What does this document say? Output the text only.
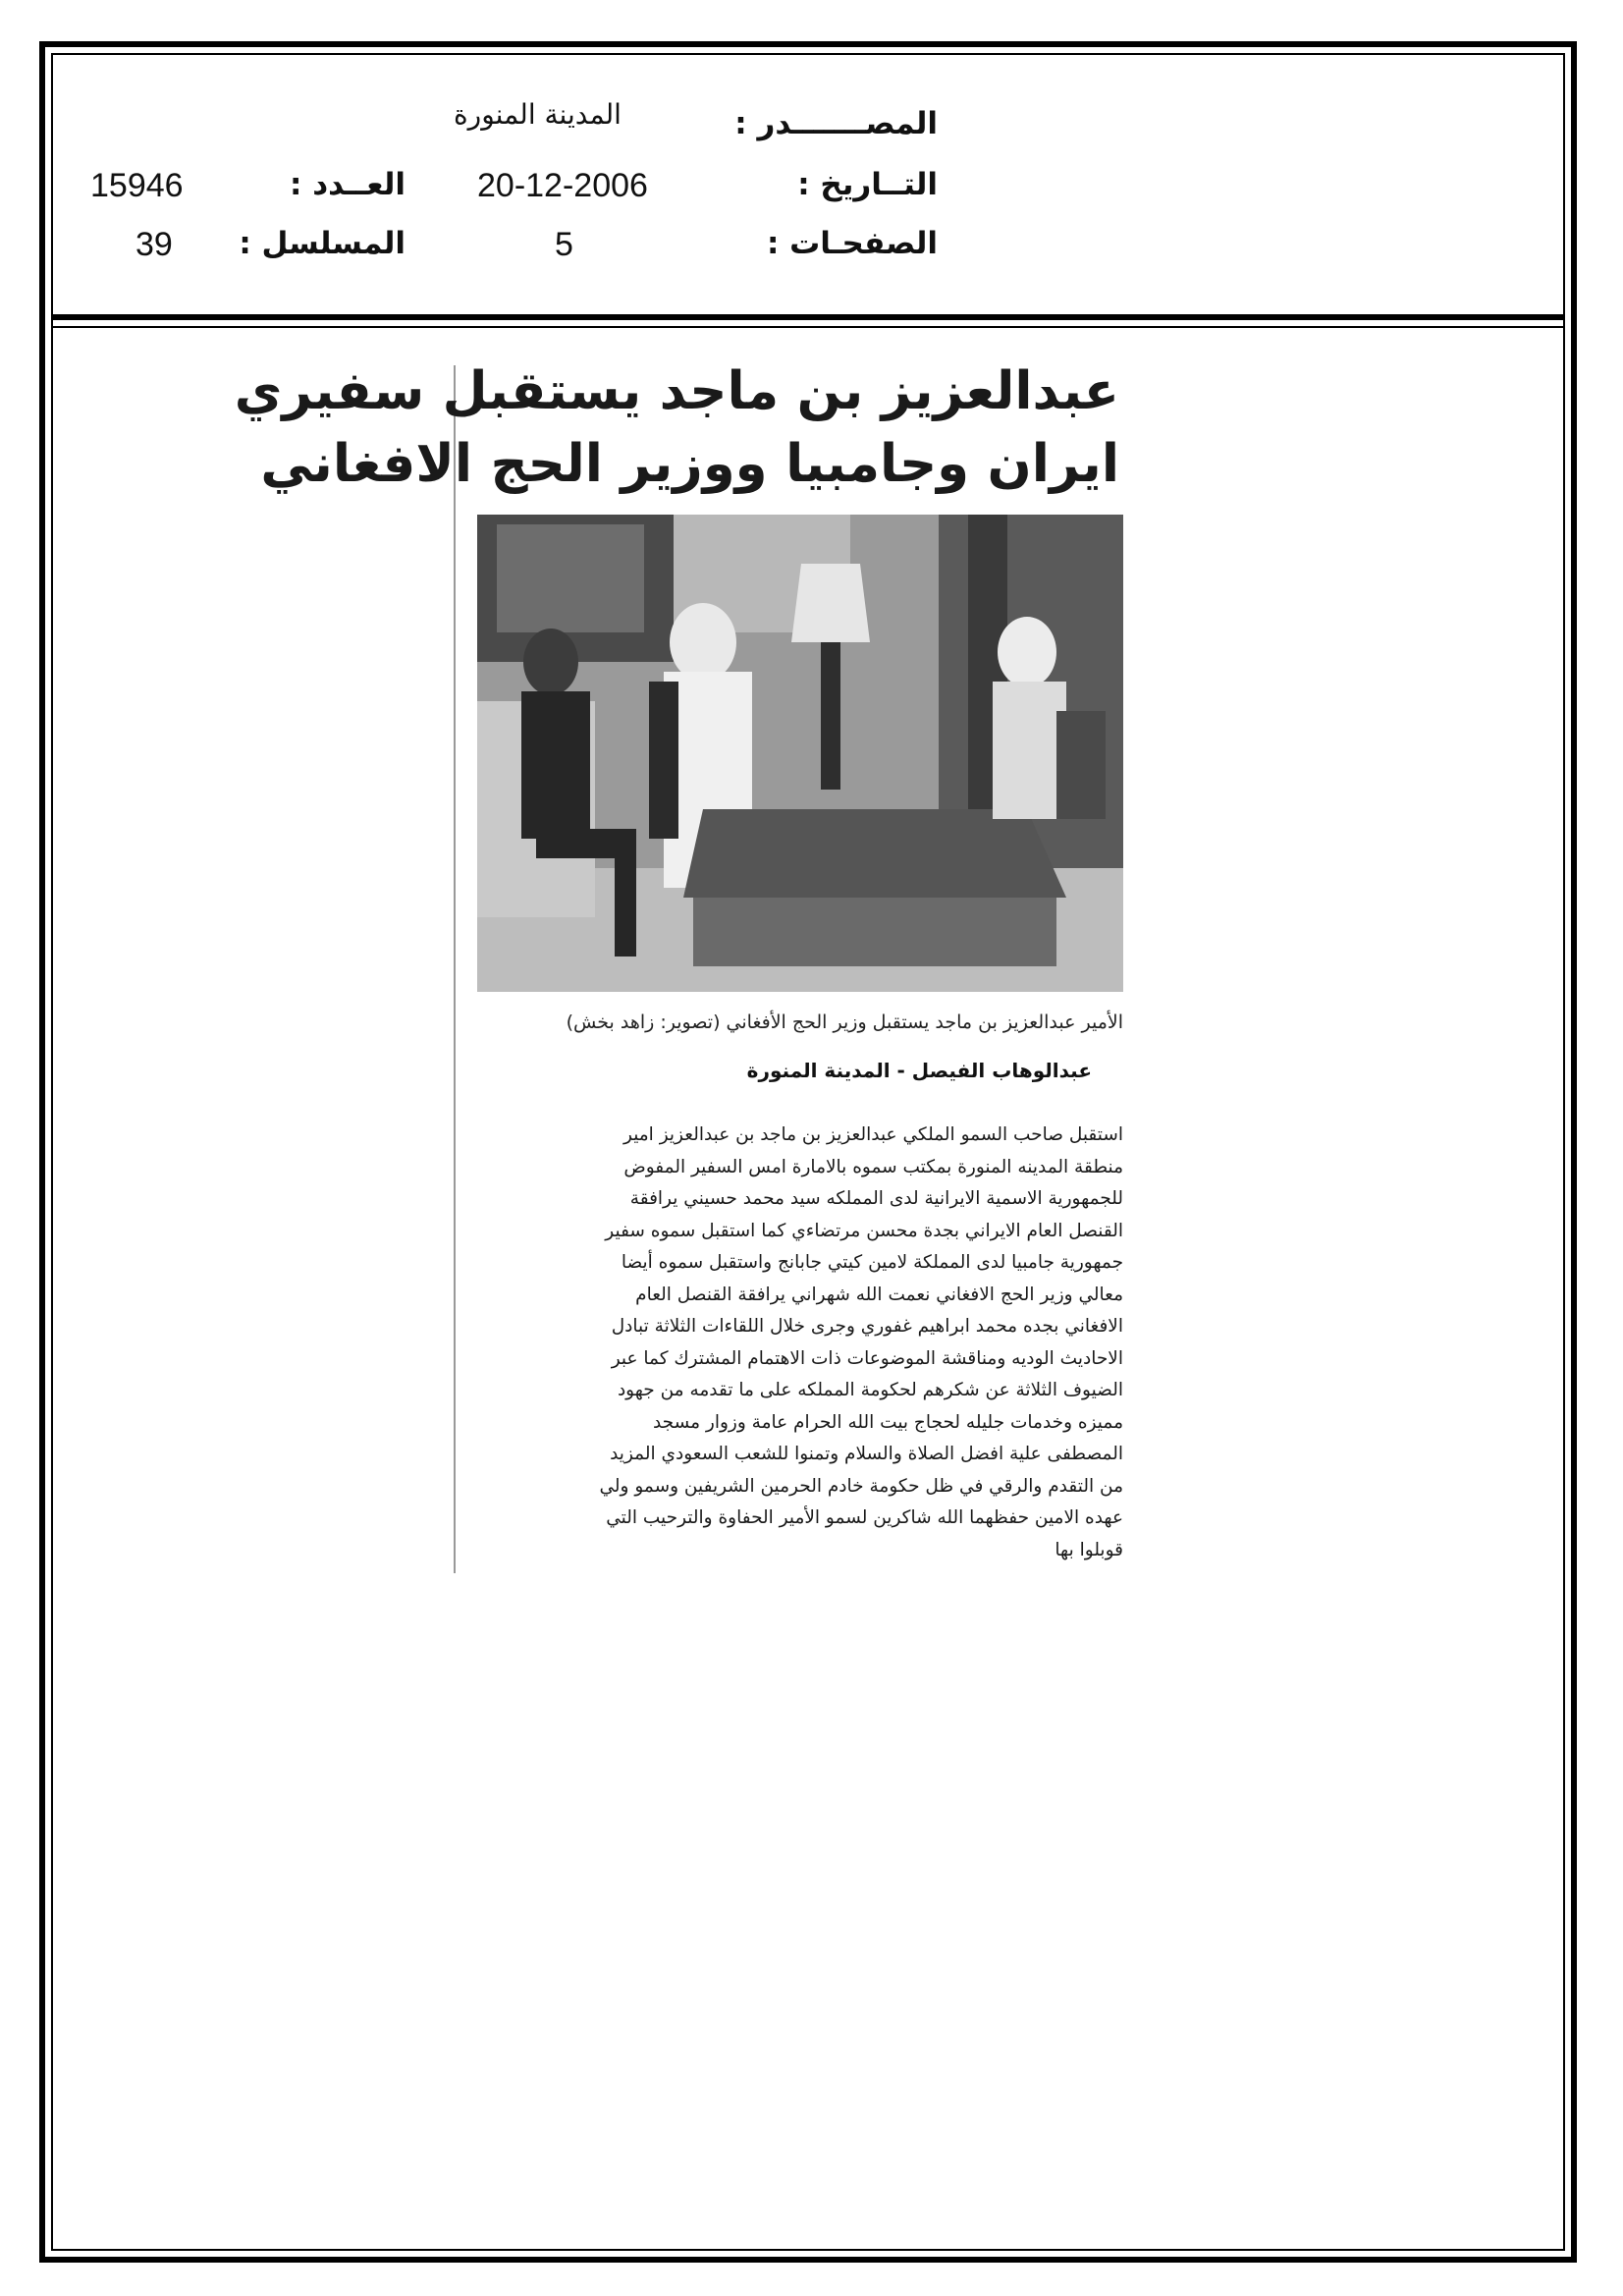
المصـــــــدر :
المدينة المنورة
التــاريخ :
20-12-2006
الصفحـات :
5
العــدد :
15946
المسلسل :
39
عبدالعزيز بن ماجد يستقبل سفيري
ايران وجامبيا ووزير الحج الافغاني
الأمير عبدالعزيز بن ماجد يستقبل وزير الحج الأفغاني (تصوير: زاهد بخش)
عبدالوهاب الفيصل - المدينة المنورة
استقبل صاحب السمو الملكي عبدالعزيز بن ماجد بن عبدالعزيز امير
منطقة المدينه المنورة بمكتب سموه بالامارة امس السفير المفوض
للجمهورية الاسمية الايرانية لدى المملكه سيد محمد حسيني يرافقة
القنصل العام الايراني بجدة محسن مرتضاءي كما استقبل سموه سفير
جمهورية جامبيا لدى المملكة لامين كيتي جابانج واستقبل سموه أيضا
معالي وزير الحج الافغاني نعمت الله شهراني يرافقة القنصل العام
الافغاني بجده محمد ابراهيم غفوري وجرى خلال اللقاءات الثلاثة تبادل
الاحاديث الوديه ومناقشة الموضوعات ذات الاهتمام المشترك كما عبر
الضيوف الثلاثة عن شكرهم لحكومة المملكه على ما تقدمه من جهود
مميزه وخدمات جليله لحجاج بيت الله الحرام عامة وزوار مسجد
المصطفى علية افضل الصلاة والسلام وتمنوا للشعب السعودي المزيد
من التقدم والرقي في ظل حكومة خادم الحرمين الشريفين وسمو ولي
عهده الامين حفظهما الله شاكرين لسمو الأمير الحفاوة والترحيب التي
قوبلوا بها
